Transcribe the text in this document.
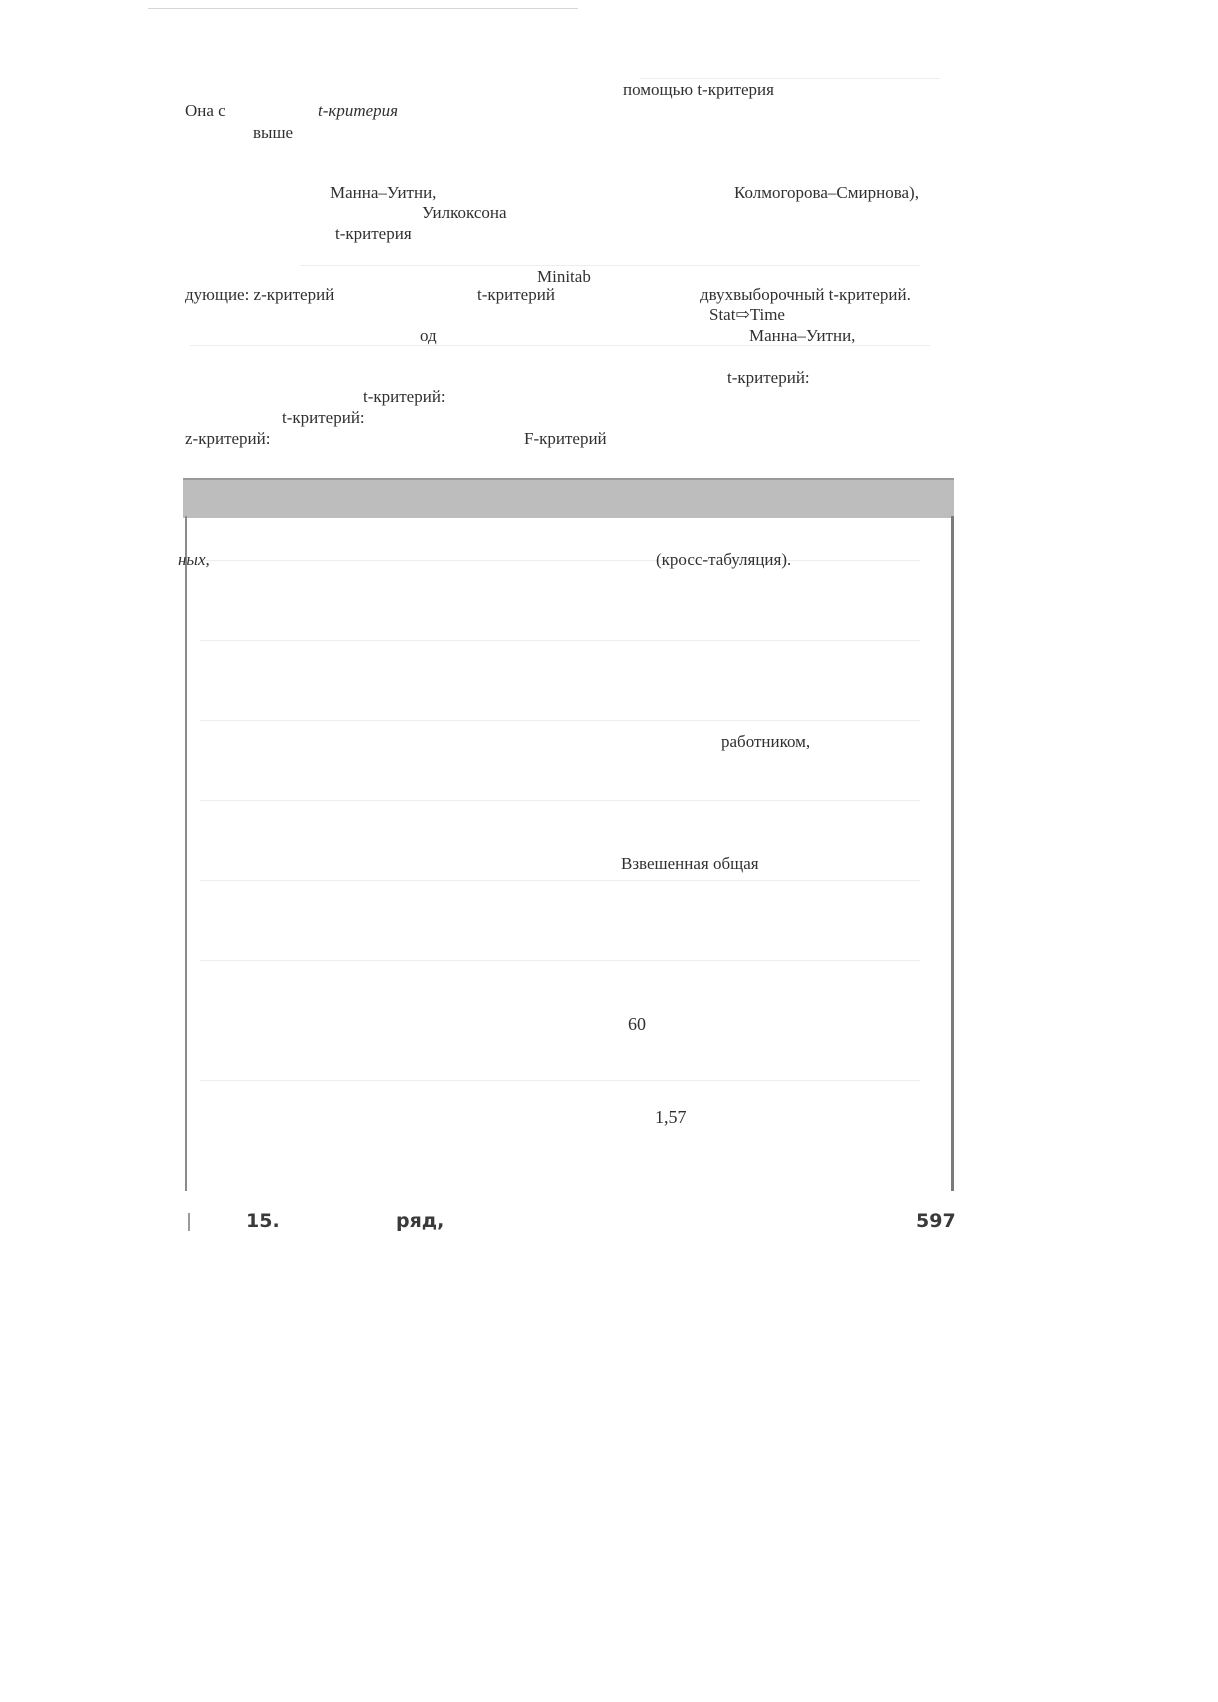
помощью t-критерия
Она с	t-критерия
выше
Манна–Уитни,	Колмогорова–Смирнова),
Уилкоксона
t-критерия
Minitab
дующие: z-критерий	t-критерий	двухвыборочный t-критерий.
Stat⇨Time
од	Манна–Уитни,
t-критерий:
t-критерий:
t-критерий:
z-критерий:	F-критерий
ных,	(кросс-табуляция).
работником,
Взвешенная общая
60
1,57
15.	ряд,	597
